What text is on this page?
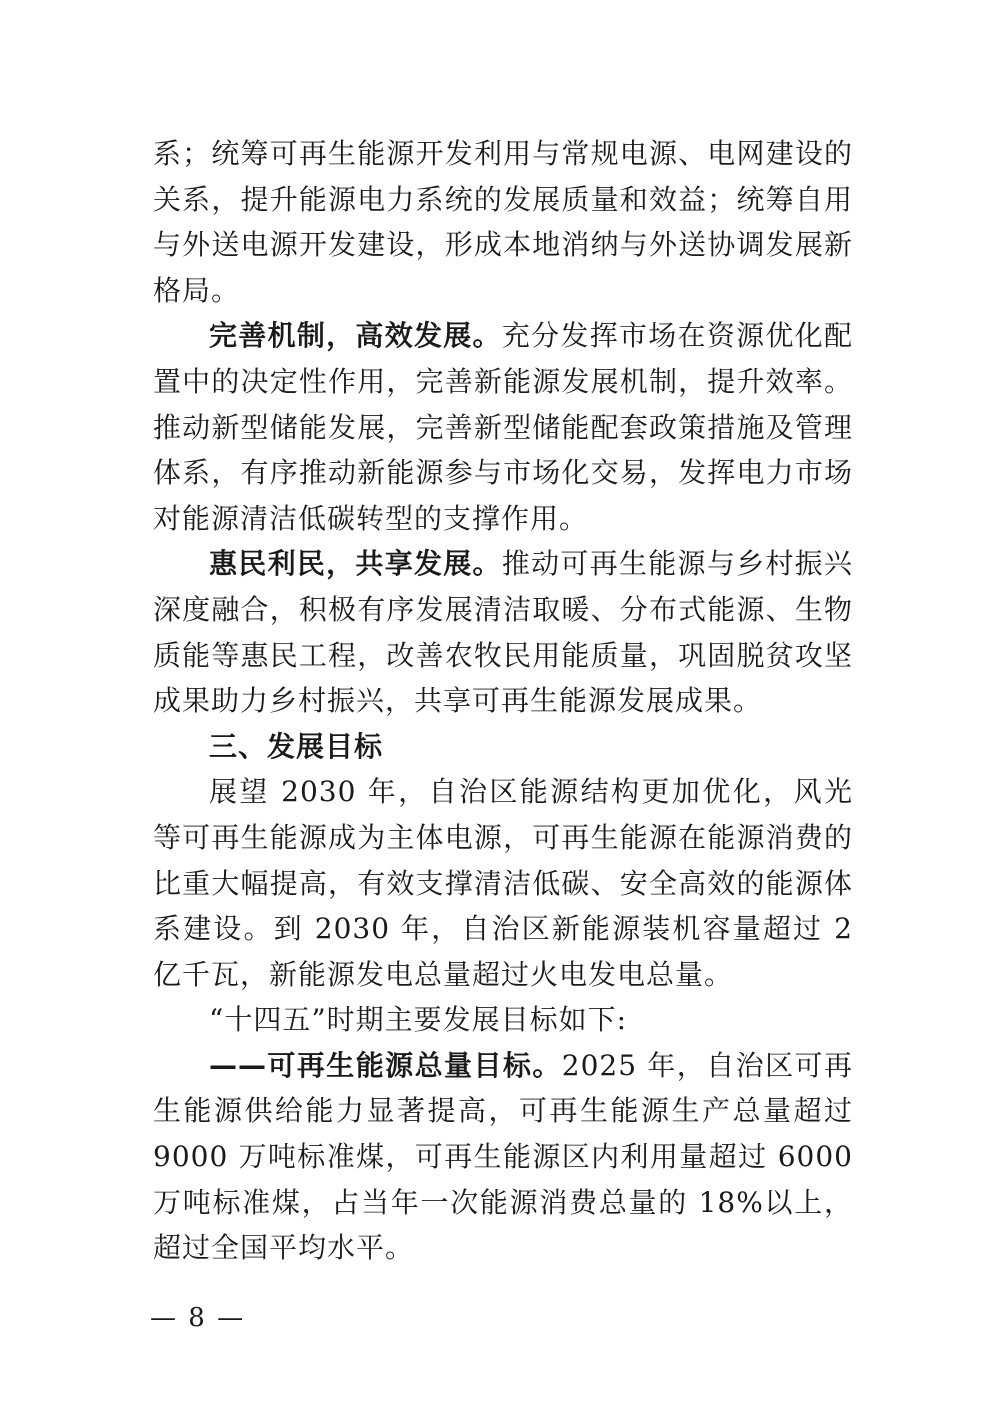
系；统筹可再生能源开发利用与常规电源、电网建设的关系，提升能源电力系统的发展质量和效益；统筹自用与外送电源开发建设，形成本地消纳与外送协调发展新格局。

完善机制，高效发展。充分发挥市场在资源优化配置中的决定性作用，完善新能源发展机制，提升效率。推动新型储能发展，完善新型储能配套政策措施及管理体系，有序推动新能源参与市场化交易，发挥电力市场对能源清洁低碳转型的支撑作用。

惠民利民，共享发展。推动可再生能源与乡村振兴深度融合，积极有序发展清洁取暖、分布式能源、生物质能等惠民工程，改善农牧民用能质量，巩固脱贫攻坚成果助力乡村振兴，共享可再生能源发展成果。

三、发展目标

展望 2030 年，自治区能源结构更加优化，风光等可再生能源成为主体电源，可再生能源在能源消费的比重大幅提高，有效支撑清洁低碳、安全高效的能源体系建设。到 2030 年，自治区新能源装机容量超过 2 亿千瓦，新能源发电总量超过火电发电总量。

“十四五”时期主要发展目标如下:

——可再生能源总量目标。2025 年，自治区可再生能源供给能力显著提高，可再生能源生产总量超过 9000 万吨标准煤，可再生能源区内利用量超过 6000 万吨标准煤，占当年一次能源消费总量的 18%以上，超过全国平均水平。

— 8 —
